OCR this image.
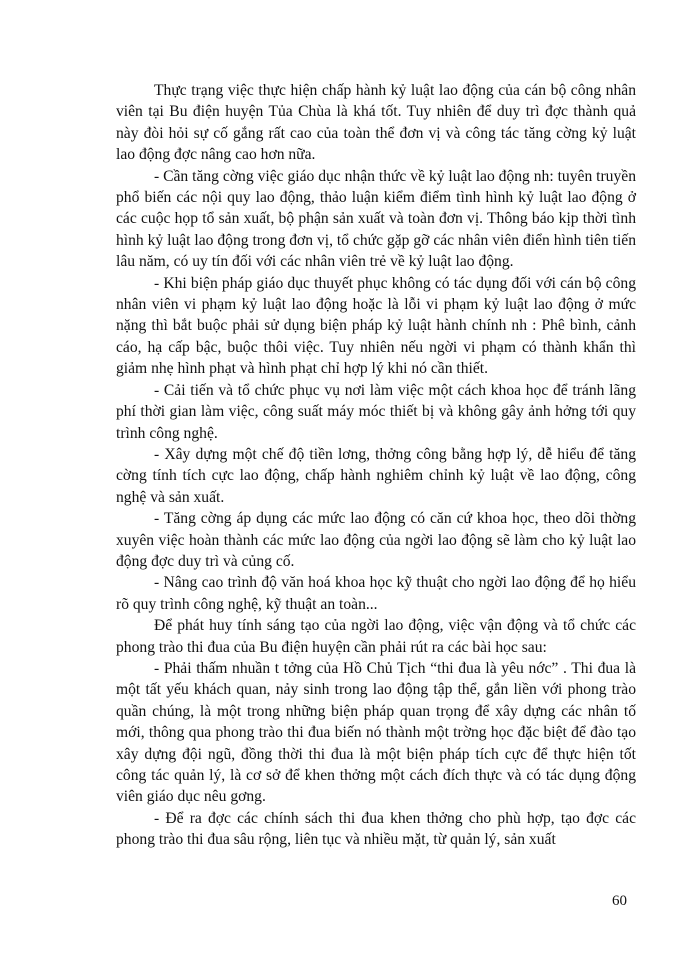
Thực trạng việc thực hiện chấp hành kỷ luật lao động của cán bộ công nhân viên tại Bu điện huyện Tủa Chùa là khá tốt. Tuy nhiên để duy trì đợc thành quả này đòi hỏi sự cố gắng rất cao của toàn thể đơn vị và công tác tăng cờng kỷ luật lao động đợc nâng cao hơn nữa.

- Cần tăng cờng việc giáo dục nhận thức về kỷ luật lao động nh: tuyên truyền phổ biến các nội quy lao động, thảo luận kiểm điểm tình hình kỷ luật lao động ở các cuộc họp tổ sản xuất, bộ phận sản xuất và toàn đơn vị. Thông báo kịp thời tình hình kỷ luật lao động trong đơn vị, tổ chức gặp gỡ các nhân viên điển hình tiên tiến lâu năm, có uy tín đối với các nhân viên trẻ về kỷ luật lao động.

- Khi biện pháp giáo dục thuyết phục không có tác dụng đối với cán bộ công nhân viên vi phạm kỷ luật lao động hoặc là lỗi vi phạm kỷ luật lao động ở mức nặng thì bắt buộc phải sử dụng biện pháp kỷ luật hành chính nh : Phê bình, cảnh cáo, hạ cấp bậc, buộc thôi việc. Tuy nhiên nếu ngời vi phạm có thành khẩn thì giảm nhẹ hình phạt và hình phạt chỉ hợp lý khi nó cần thiết.

- Cải tiến và tổ chức phục vụ nơi làm việc một cách khoa học để tránh lãng phí thời gian làm việc, công suất máy móc thiết bị và không gây ảnh hởng tới quy trình công nghệ.

- Xây dựng một chế độ tiền lơng, thởng công bằng hợp lý, dễ hiểu để tăng cờng tính tích cực lao động, chấp hành nghiêm chỉnh kỷ luật về lao động, công nghệ và sản xuất.

- Tăng cờng áp dụng các mức lao động có căn cứ khoa học, theo dõi thờng xuyên việc hoàn thành các mức lao động của ngời lao động sẽ làm cho kỷ luật lao động đợc duy trì và củng cố.

- Nâng cao trình độ văn hoá khoa học kỹ thuật cho ngời lao động để họ hiểu rõ quy trình công nghệ, kỹ thuật an toàn...

Để phát huy tính sáng tạo của ngời lao động, việc vận động và tổ chức các phong trào thi đua của Bu điện huyện cần phải rút ra các bài học sau:

- Phải thấm nhuần t tởng của Hồ Chủ Tịch “thi đua là yêu nớc” . Thi đua là một tất yếu khách quan, nảy sinh trong lao động tập thể, gắn liền với phong trào quần chúng, là một trong những biện pháp quan trọng để xây dựng các nhân tố mới, thông qua phong trào thi đua biến nó thành một trờng học đặc biệt để đào tạo xây dựng đội ngũ, đồng thời thi đua là một biện pháp tích cực để thực hiện tốt công tác quản lý, là cơ sở để khen thởng một cách đích thực và có tác dụng động viên giáo dục nêu gơng.

- Để ra đợc các chính sách thi đua khen thởng cho phù hợp, tạo đợc các phong trào thi đua sâu rộng, liên tục và nhiều mặt, từ quản lý, sản xuất

60
